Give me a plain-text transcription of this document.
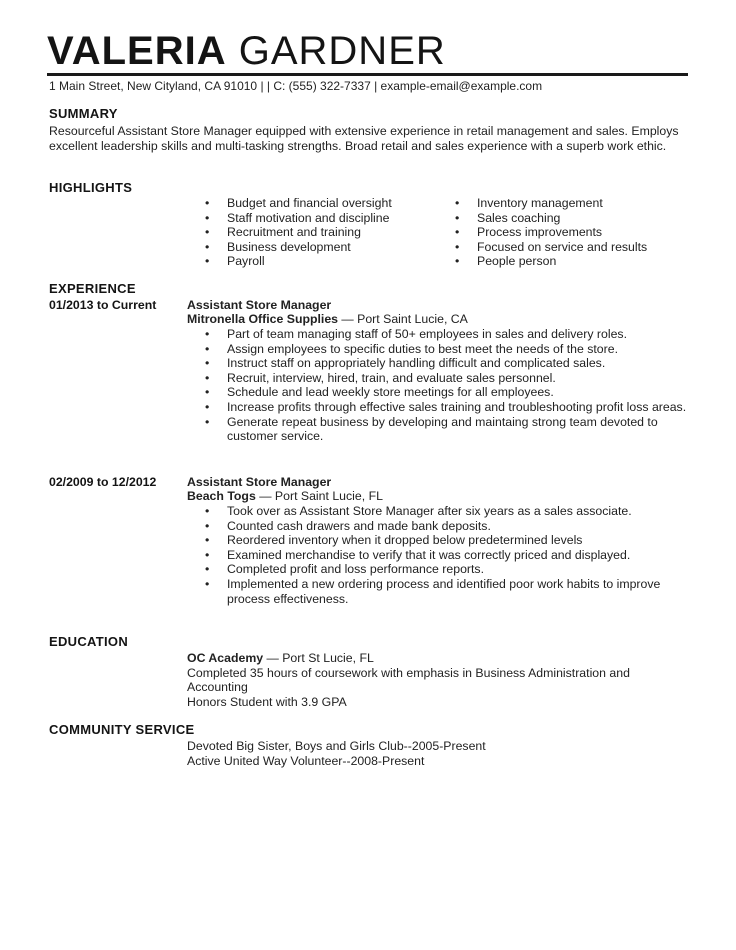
VALERIA GARDNER
1 Main Street, New Cityland, CA 91010 | | C: (555) 322-7337 | example-email@example.com
SUMMARY
Resourceful Assistant Store Manager equipped with extensive experience in retail management and sales. Employs excellent leadership skills and multi-tasking strengths. Broad retail and sales experience with a superb work ethic.
HIGHLIGHTS
• Budget and financial oversight
• Staff motivation and discipline
• Recruitment and training
• Business development
• Payroll
• Inventory management
• Sales coaching
• Process improvements
• Focused on service and results
• People person
EXPERIENCE
01/2013 to Current Assistant Store Manager
Mitronella Office Supplies — Port Saint Lucie, CA
• Part of team managing staff of 50+ employees in sales and delivery roles.
• Assign employees to specific duties to best meet the needs of the store.
• Instruct staff on appropriately handling difficult and complicated sales.
• Recruit, interview, hired, train, and evaluate sales personnel.
• Schedule and lead weekly store meetings for all employees.
• Increase profits through effective sales training and troubleshooting profit loss areas.
• Generate repeat business by developing and maintaing strong team devoted to customer service.
02/2009 to 12/2012 Assistant Store Manager
Beach Togs — Port Saint Lucie, FL
• Took over as Assistant Store Manager after six years as a sales associate.
• Counted cash drawers and made bank deposits.
• Reordered inventory when it dropped below predetermined levels
• Examined merchandise to verify that it was correctly priced and displayed.
• Completed profit and loss performance reports.
• Implemented a new ordering process and identified poor work habits to improve process effectiveness.
EDUCATION
OC Academy — Port St Lucie, FL
Completed 35 hours of coursework with emphasis in Business Administration and Accounting
Honors Student with 3.9 GPA
COMMUNITY SERVICE
Devoted Big Sister, Boys and Girls Club--2005-Present
Active United Way Volunteer--2008-Present
